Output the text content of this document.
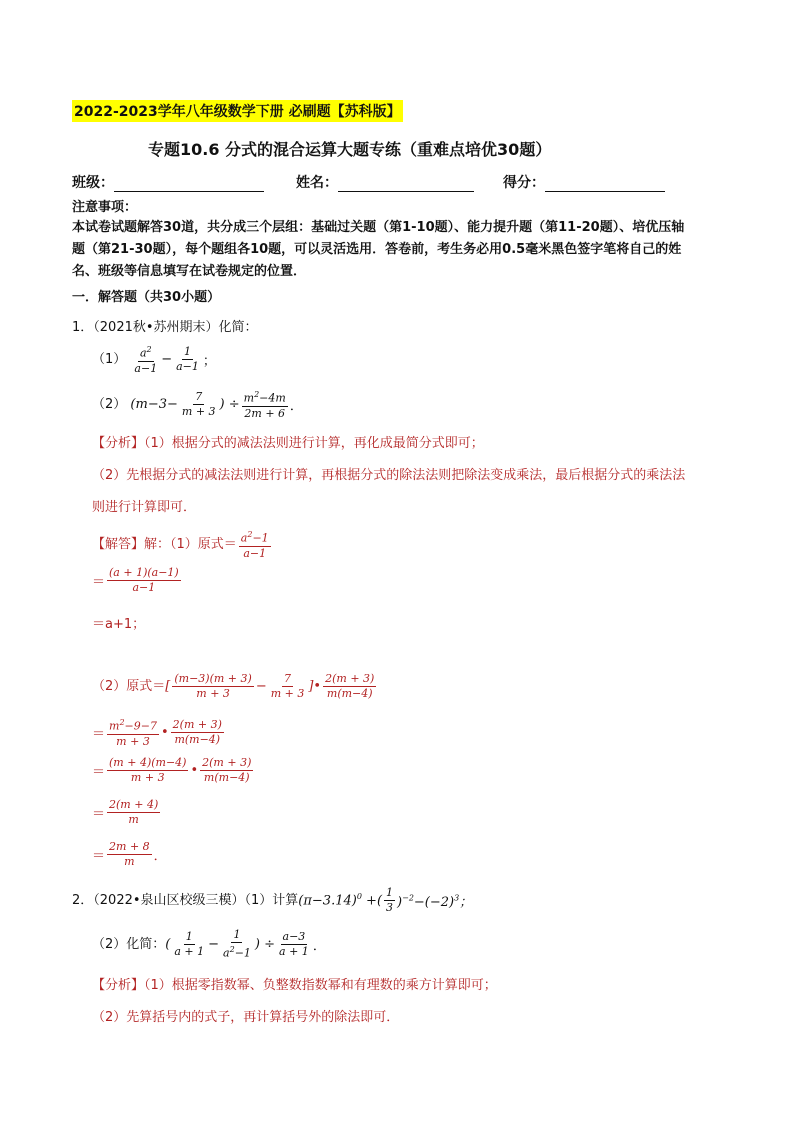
2022-2023学年八年级数学下册 必刷题【苏科版】
专题10.6 分式的混合运算大题专练（重难点培优30题）
班级：	姓名：	得分：
注意事项：
本试卷试题解答30道，共分成三个层组：基础过关题（第1-10题）、能力提升题（第11-20题）、培优压轴
题（第21-30题），每个题组各10题，可以灵活选用．答卷前，考生务必用0.5毫米黑色签字笔将自己的姓
名、班级等信息填写在试卷规定的位置．
一．解答题（共30小题）
1．（2021秋•苏州期末）化简：
$(1) \frac{a^2}{a-1} - \frac{1}{a-1}$ ；
（2） ($m-3- \frac{7}{m + 3}$ ) ÷ $\frac{m^2-4m}{2m + 6}$ ．
【分析】（1）根据分式的减法法则进行计算，再化成最简分式即可；
（2）先根据分式的减法法则进行计算，再根据分式的除法法则把除法变成乘法，最后根据分式的乘法法
则进行计算即可．
【解答】解：（1）原式＝ $\frac{a^2-1}{a-1}$
＝ $\frac{(a + 1)(a-1)}{a-1}$
＝a+1；
（2）原式＝[ $\frac{(m-3)(m + 3)}{m + 3} - \frac{7}{m + 3}$ ]• $\frac{2(m + 3)}{m(m-4)}$
＝ $\frac{m^2-9-7}{m + 3}$ • $\frac{2(m + 3)}{m(m-4)}$
＝ $\frac{(m + 4)(m-4)}{m + 3}$ • $\frac{2(m + 3)}{m(m-4)}$
＝ $\frac{2(m + 4)}{m}$
＝ $\frac{2m + 8}{m}$ ．
2．（2022•泉山区校级三模）（1）计算$(\pi-3.14)^0$ +( $\frac{1}{3} )^{-2}-(-2)^3$；
（2）化简：( $\frac{1}{a + 1} - \frac{1}{a^2-1}$ ) ÷ $\frac{a-3}{a + 1}$ ．
【分析】（1）根据零指数幂、负整数指数幂和有理数的乘方计算即可；
（2）先算括号内的式子，再计算括号外的除法即可．
